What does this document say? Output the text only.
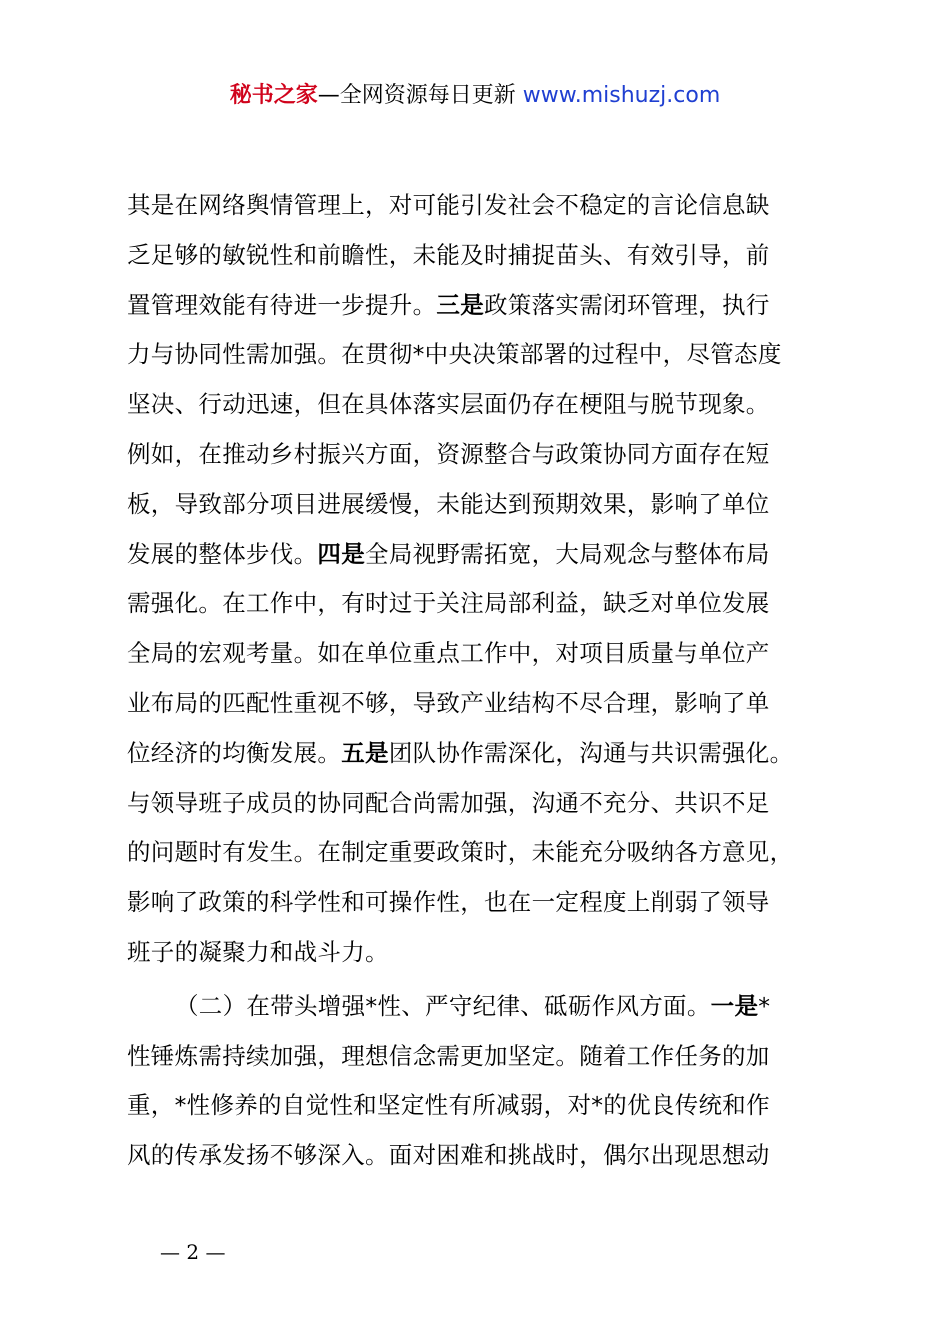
秘书之家—全网资源每日更新 www.mishuzj.com
其是在网络舆情管理上，对可能引发社会不稳定的言论信息缺
乏足够的敏锐性和前瞻性，未能及时捕捉苗头、有效引导，前
置管理效能有待进一步提升。三是政策落实需闭环管理，执行
力与协同性需加强。在贯彻*中央决策部署的过程中，尽管态度
坚决、行动迅速，但在具体落实层面仍存在梗阻与脱节现象。
例如，在推动乡村振兴方面，资源整合与政策协同方面存在短
板，导致部分项目进展缓慢，未能达到预期效果，影响了单位
发展的整体步伐。四是全局视野需拓宽，大局观念与整体布局
需强化。在工作中，有时过于关注局部利益，缺乏对单位发展
全局的宏观考量。如在单位重点工作中，对项目质量与单位产
业布局的匹配性重视不够，导致产业结构不尽合理，影响了单
位经济的均衡发展。五是团队协作需深化，沟通与共识需强化。
与领导班子成员的协同配合尚需加强，沟通不充分、共识不足
的问题时有发生。在制定重要政策时，未能充分吸纳各方意见，
影响了政策的科学性和可操作性，也在一定程度上削弱了领导
班子的凝聚力和战斗力。
（二）在带头增强*性、严守纪律、砥砺作风方面。一是*
性锤炼需持续加强，理想信念需更加坚定。随着工作任务的加
重，*性修养的自觉性和坚定性有所减弱，对*的优良传统和作
风的传承发扬不够深入。面对困难和挑战时，偶尔出现思想动
— 2 —
